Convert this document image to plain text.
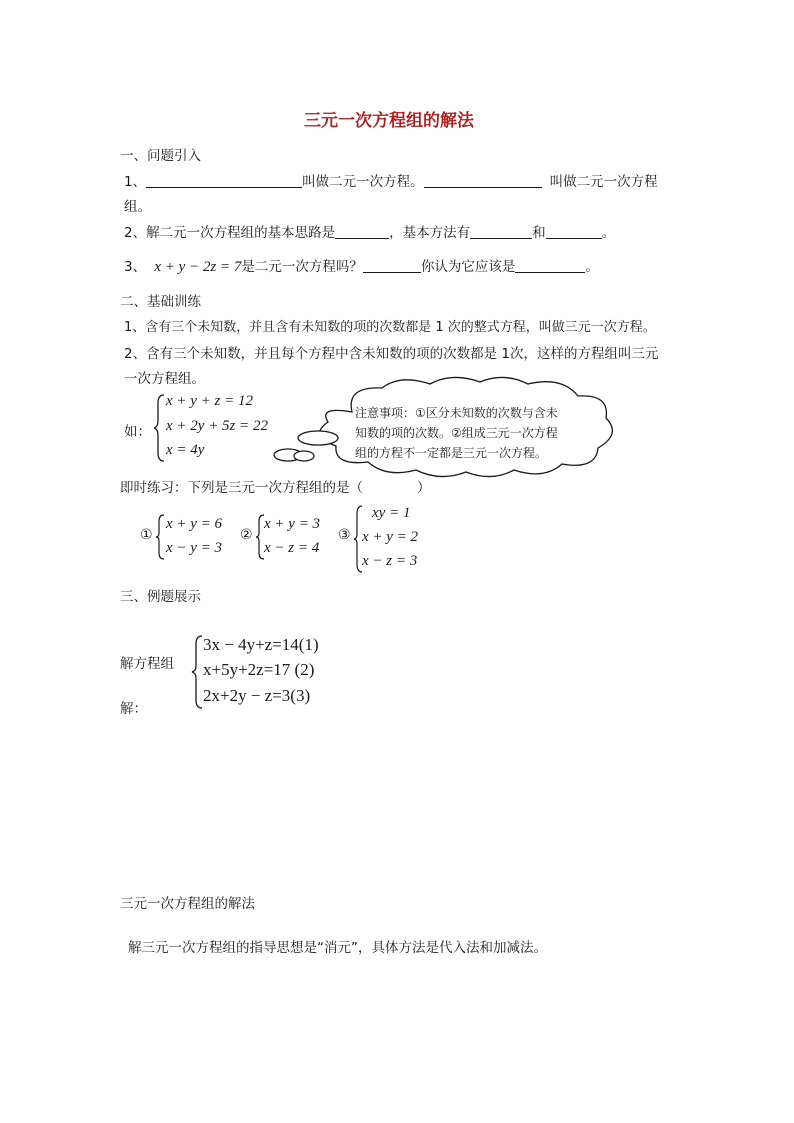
三元一次方程组的解法
一、问题引入
1、	叫做二元一次方程。	叫做二元一次方程
组。
2、解二元一次方程组的基本思路是	，基本方法有	和	。
3、 x + y − 2z = 7是二元一次方程吗？	你认为它应该是	。
二、基础训练
1、含有三个未知数，并且含有未知数的项的次数都是 1 次的整式方程，叫做三元一次方程。
2、含有三个未知数，并且每个方程中含未知数的项的次数都是 1次，这样的方程组叫三元
一次方程组。
如：
x + y + z = 12
x + 2y + 5z = 22
x = 4y
注意事项：①区分未知数的次数与含未
知数的项的次数。②组成三元一次方程
组的方程不一定都是三元一次方程。
即时练习：下列是三元一次方程组的是（　　　　）
①
x + y = 6
x − y = 3
②
x + y = 3
x − z = 4
③
xy = 1
x + y = 2
x − z = 3
三、例题展示
解方程组
解：
3x − 4y+z=14(1)
x+5y+2z=17 (2)
2x+2y − z=3(3)
三元一次方程组的解法
解三元一次方程组的指导思想是“消元”，具体方法是代入法和加减法。
